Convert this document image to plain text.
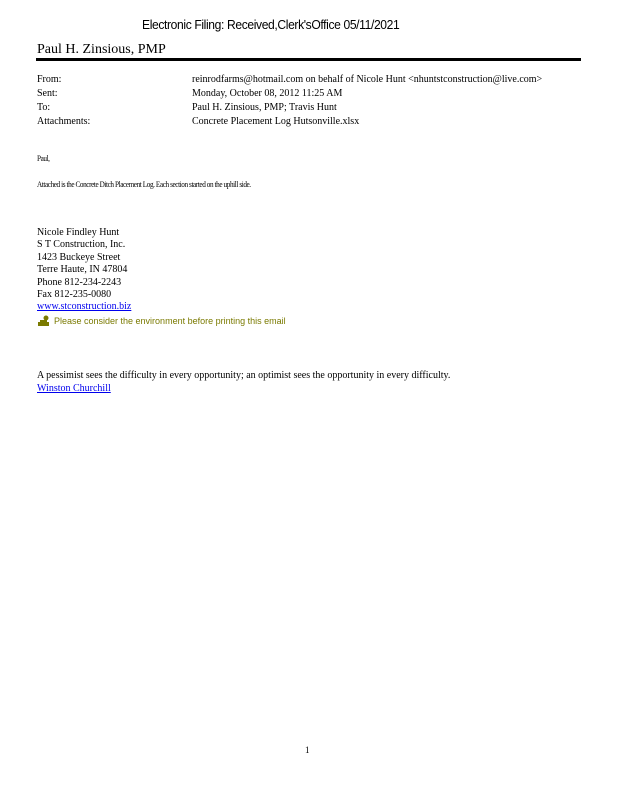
Electronic Filing: Received,Clerk'sOffice 05/11/2021
Paul H. Zinsious, PMP
From:	reinrodfarms@hotmail.com on behalf of Nicole Hunt <nhuntstconstruction@live.com>
Sent:	Monday, October 08, 2012 11:25 AM
To:	Paul H. Zinsious, PMP; Travis Hunt
Attachments:	Concrete Placement Log Hutsonville.xlsx
Paul,
Attached is the Concrete Ditch Placement Log. Each section started on the uphill side.
Nicole Findley Hunt
S T Construction, Inc.
1423 Buckeye Street
Terre Haute, IN 47804
Phone 812-234-2243
Fax 812-235-0080
www.stconstruction.biz
Please consider the environment before printing this email
A pessimist sees the difficulty in every opportunity; an optimist sees the opportunity in every difficulty.
Winston Churchill
1
